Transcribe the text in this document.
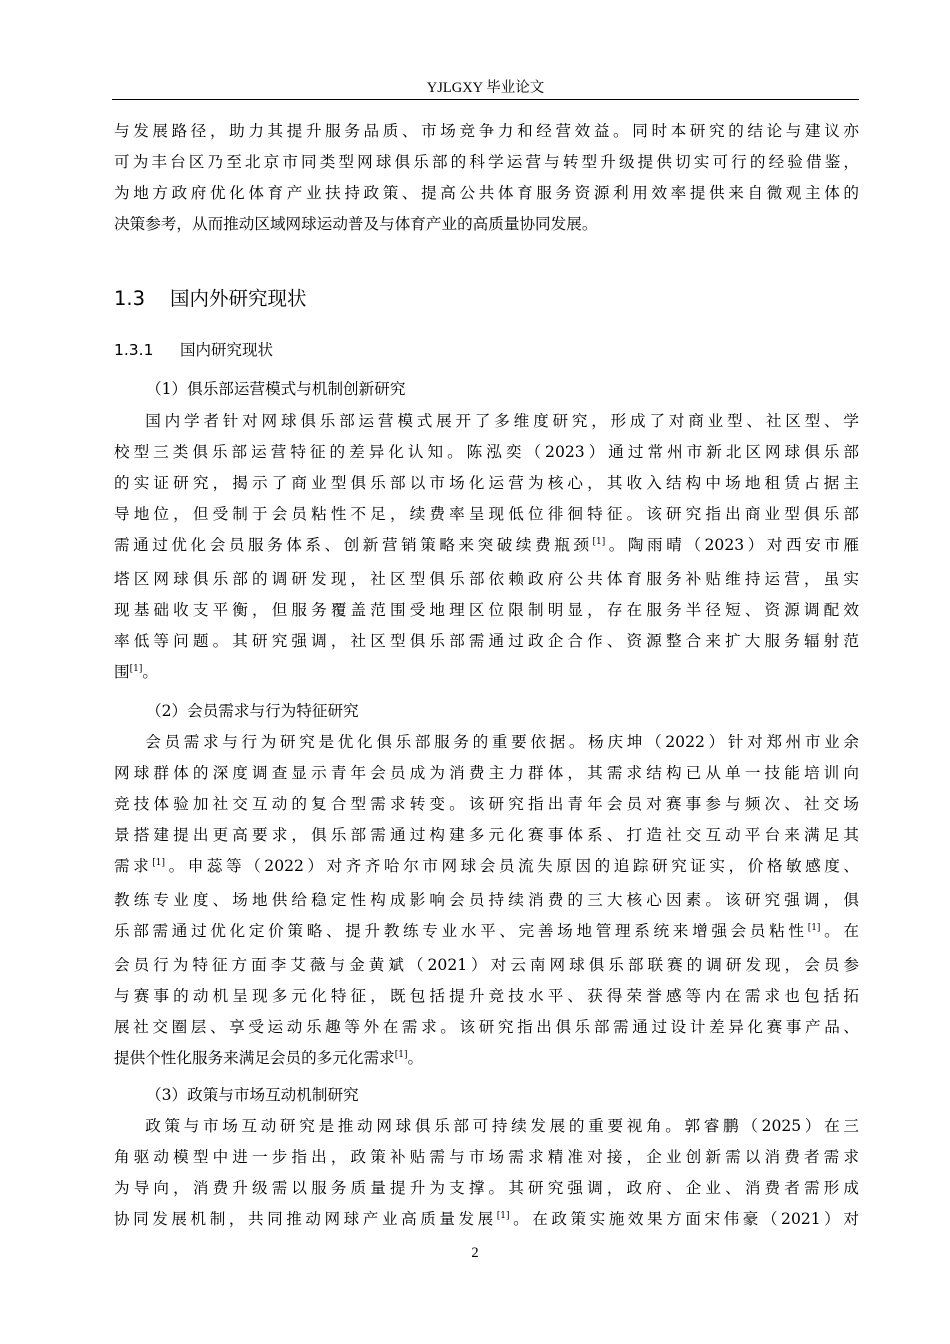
YJLGXY 毕业论文

与发展路径，助力其提升服务品质、市场竞争力和经营效益。同时本研究的结论与建议亦
可为丰台区乃至北京市同类型网球俱乐部的科学运营与转型升级提供切实可行的经验借鉴，
为地方政府优化体育产业扶持政策、提高公共体育服务资源利用效率提供来自微观主体的
决策参考，从而推动区域网球运动普及与体育产业的高质量协同发展。

1.3 国内外研究现状
1.3.1 国内研究现状
（1）俱乐部运营模式与机制创新研究

国内学者针对网球俱乐部运营模式展开了多维度研究，形成了对商业型、社区型、学
校型三类俱乐部运营特征的差异化认知。陈泓奕（2023）通过常州市新北区网球俱乐部
的实证研究，揭示了商业型俱乐部以市场化运营为核心，其收入结构中场地租赁占据主
导地位，但受制于会员粘性不足，续费率呈现低位徘徊特征。该研究指出商业型俱乐部
需通过优化会员服务体系、创新营销策略来突破续费瓶颈[1]。陶雨晴（2023）对西安市雁
塔区网球俱乐部的调研发现，社区型俱乐部依赖政府公共体育服务补贴维持运营，虽实
现基础收支平衡，但服务覆盖范围受地理区位限制明显，存在服务半径短、资源调配效
率低等问题。其研究强调，社区型俱乐部需通过政企合作、资源整合来扩大服务辐射范
围[1]。

（2）会员需求与行为特征研究

会员需求与行为研究是优化俱乐部服务的重要依据。杨庆坤（2022）针对郑州市业余
网球群体的深度调查显示青年会员成为消费主力群体，其需求结构已从单一技能培训向
竞技体验加社交互动的复合型需求转变。该研究指出青年会员对赛事参与频次、社交场
景搭建提出更高要求，俱乐部需通过构建多元化赛事体系、打造社交互动平台来满足其
需求[1]。申蕊等（2022）对齐齐哈尔市网球会员流失原因的追踪研究证实，价格敏感度、
教练专业度、场地供给稳定性构成影响会员持续消费的三大核心因素。该研究强调，俱
乐部需通过优化定价策略、提升教练专业水平、完善场地管理系统来增强会员粘性[1]。在
会员行为特征方面李艾薇与金黄斌（2021）对云南网球俱乐部联赛的调研发现，会员参
与赛事的动机呈现多元化特征，既包括提升竞技水平、获得荣誉感等内在需求也包括拓
展社交圈层、享受运动乐趣等外在需求。该研究指出俱乐部需通过设计差异化赛事产品、
提供个性化服务来满足会员的多元化需求[1]。

（3）政策与市场互动机制研究

政策与市场互动研究是推动网球俱乐部可持续发展的重要视角。郭睿鹏（2025）在三
角驱动模型中进一步指出，政策补贴需与市场需求精准对接，企业创新需以消费者需求
为导向，消费升级需以服务质量提升为支撑。其研究强调，政府、企业、消费者需形成
协同发展机制，共同推动网球产业高质量发展[1]。在政策实施效果方面宋伟豪（2021）对

2
